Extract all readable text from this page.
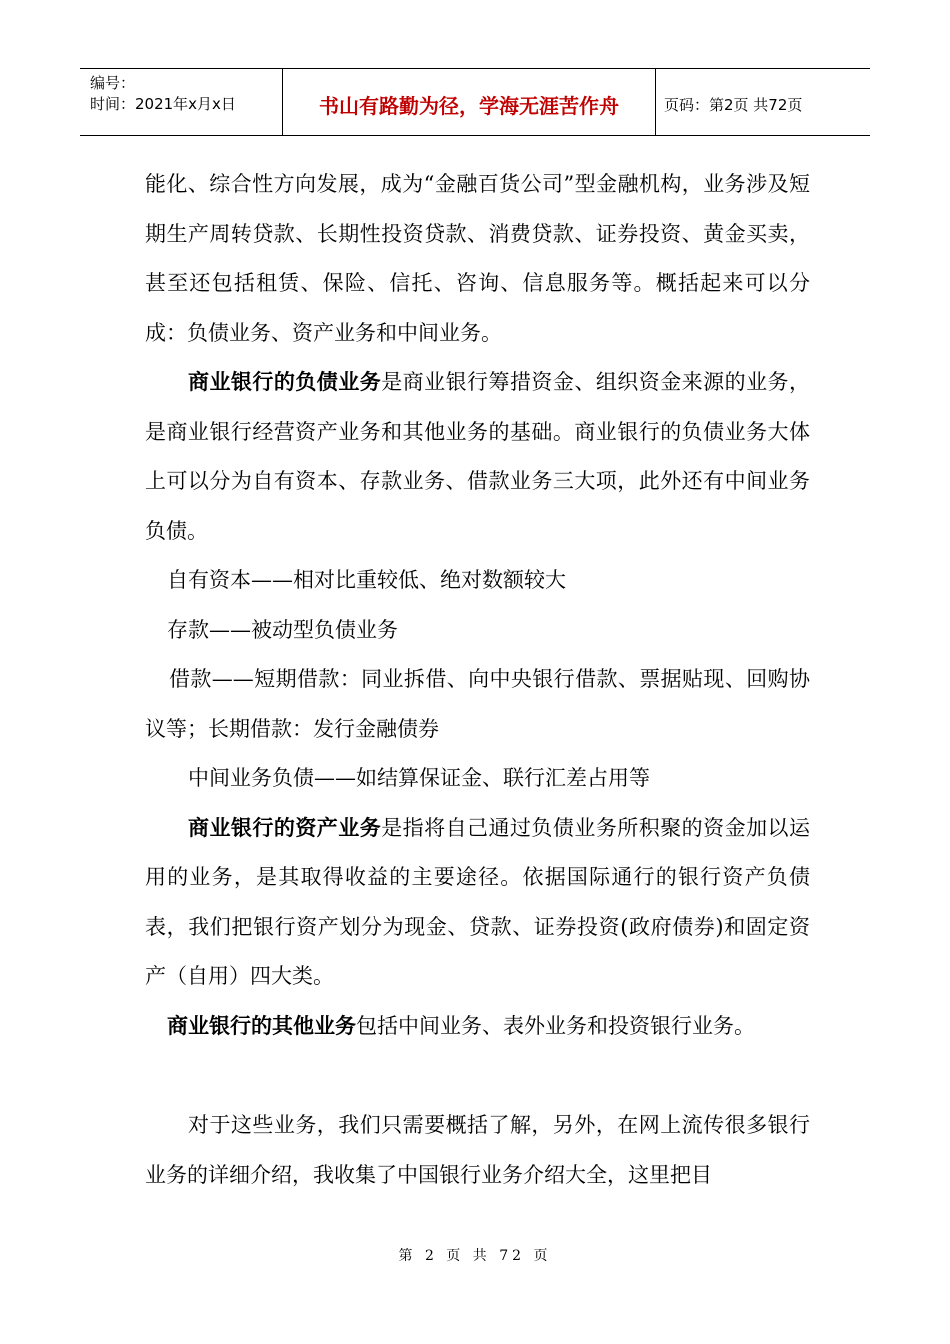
编号：
时间：2021年x月x日	书山有路勤为径，学海无涯苦作舟	页码：第2页 共72页

能化、综合性方向发展，成为“金融百货公司”型金融机构，业务涉及短期生产周转贷款、长期性投资贷款、消费贷款、证券投资、黄金买卖，甚至还包括租赁、保险、信托、咨询、信息服务等。概括起来可以分成：负债业务、资产业务和中间业务。

商业银行的负债业务是商业银行筹措资金、组织资金来源的业务，是商业银行经营资产业务和其他业务的基础。商业银行的负债业务大体上可以分为自有资本、存款业务、借款业务三大项，此外还有中间业务负债。

自有资本——相对比重较低、绝对数额较大

存款——被动型负债业务

借款——短期借款：同业拆借、向中央银行借款、票据贴现、回购协议等；长期借款：发行金融债券

中间业务负债——如结算保证金、联行汇差占用等

商业银行的资产业务是指将自己通过负债业务所积聚的资金加以运用的业务，是其取得收益的主要途径。依据国际通行的银行资产负债表，我们把银行资产划分为现金、贷款、证券投资(政府债券)和固定资产（自用）四大类。

商业银行的其他业务包括中间业务、表外业务和投资银行业务。

对于这些业务，我们只需要概括了解，另外，在网上流传很多银行业务的详细介绍，我收集了中国银行业务介绍大全，这里把目

第 2 页 共 72 页
